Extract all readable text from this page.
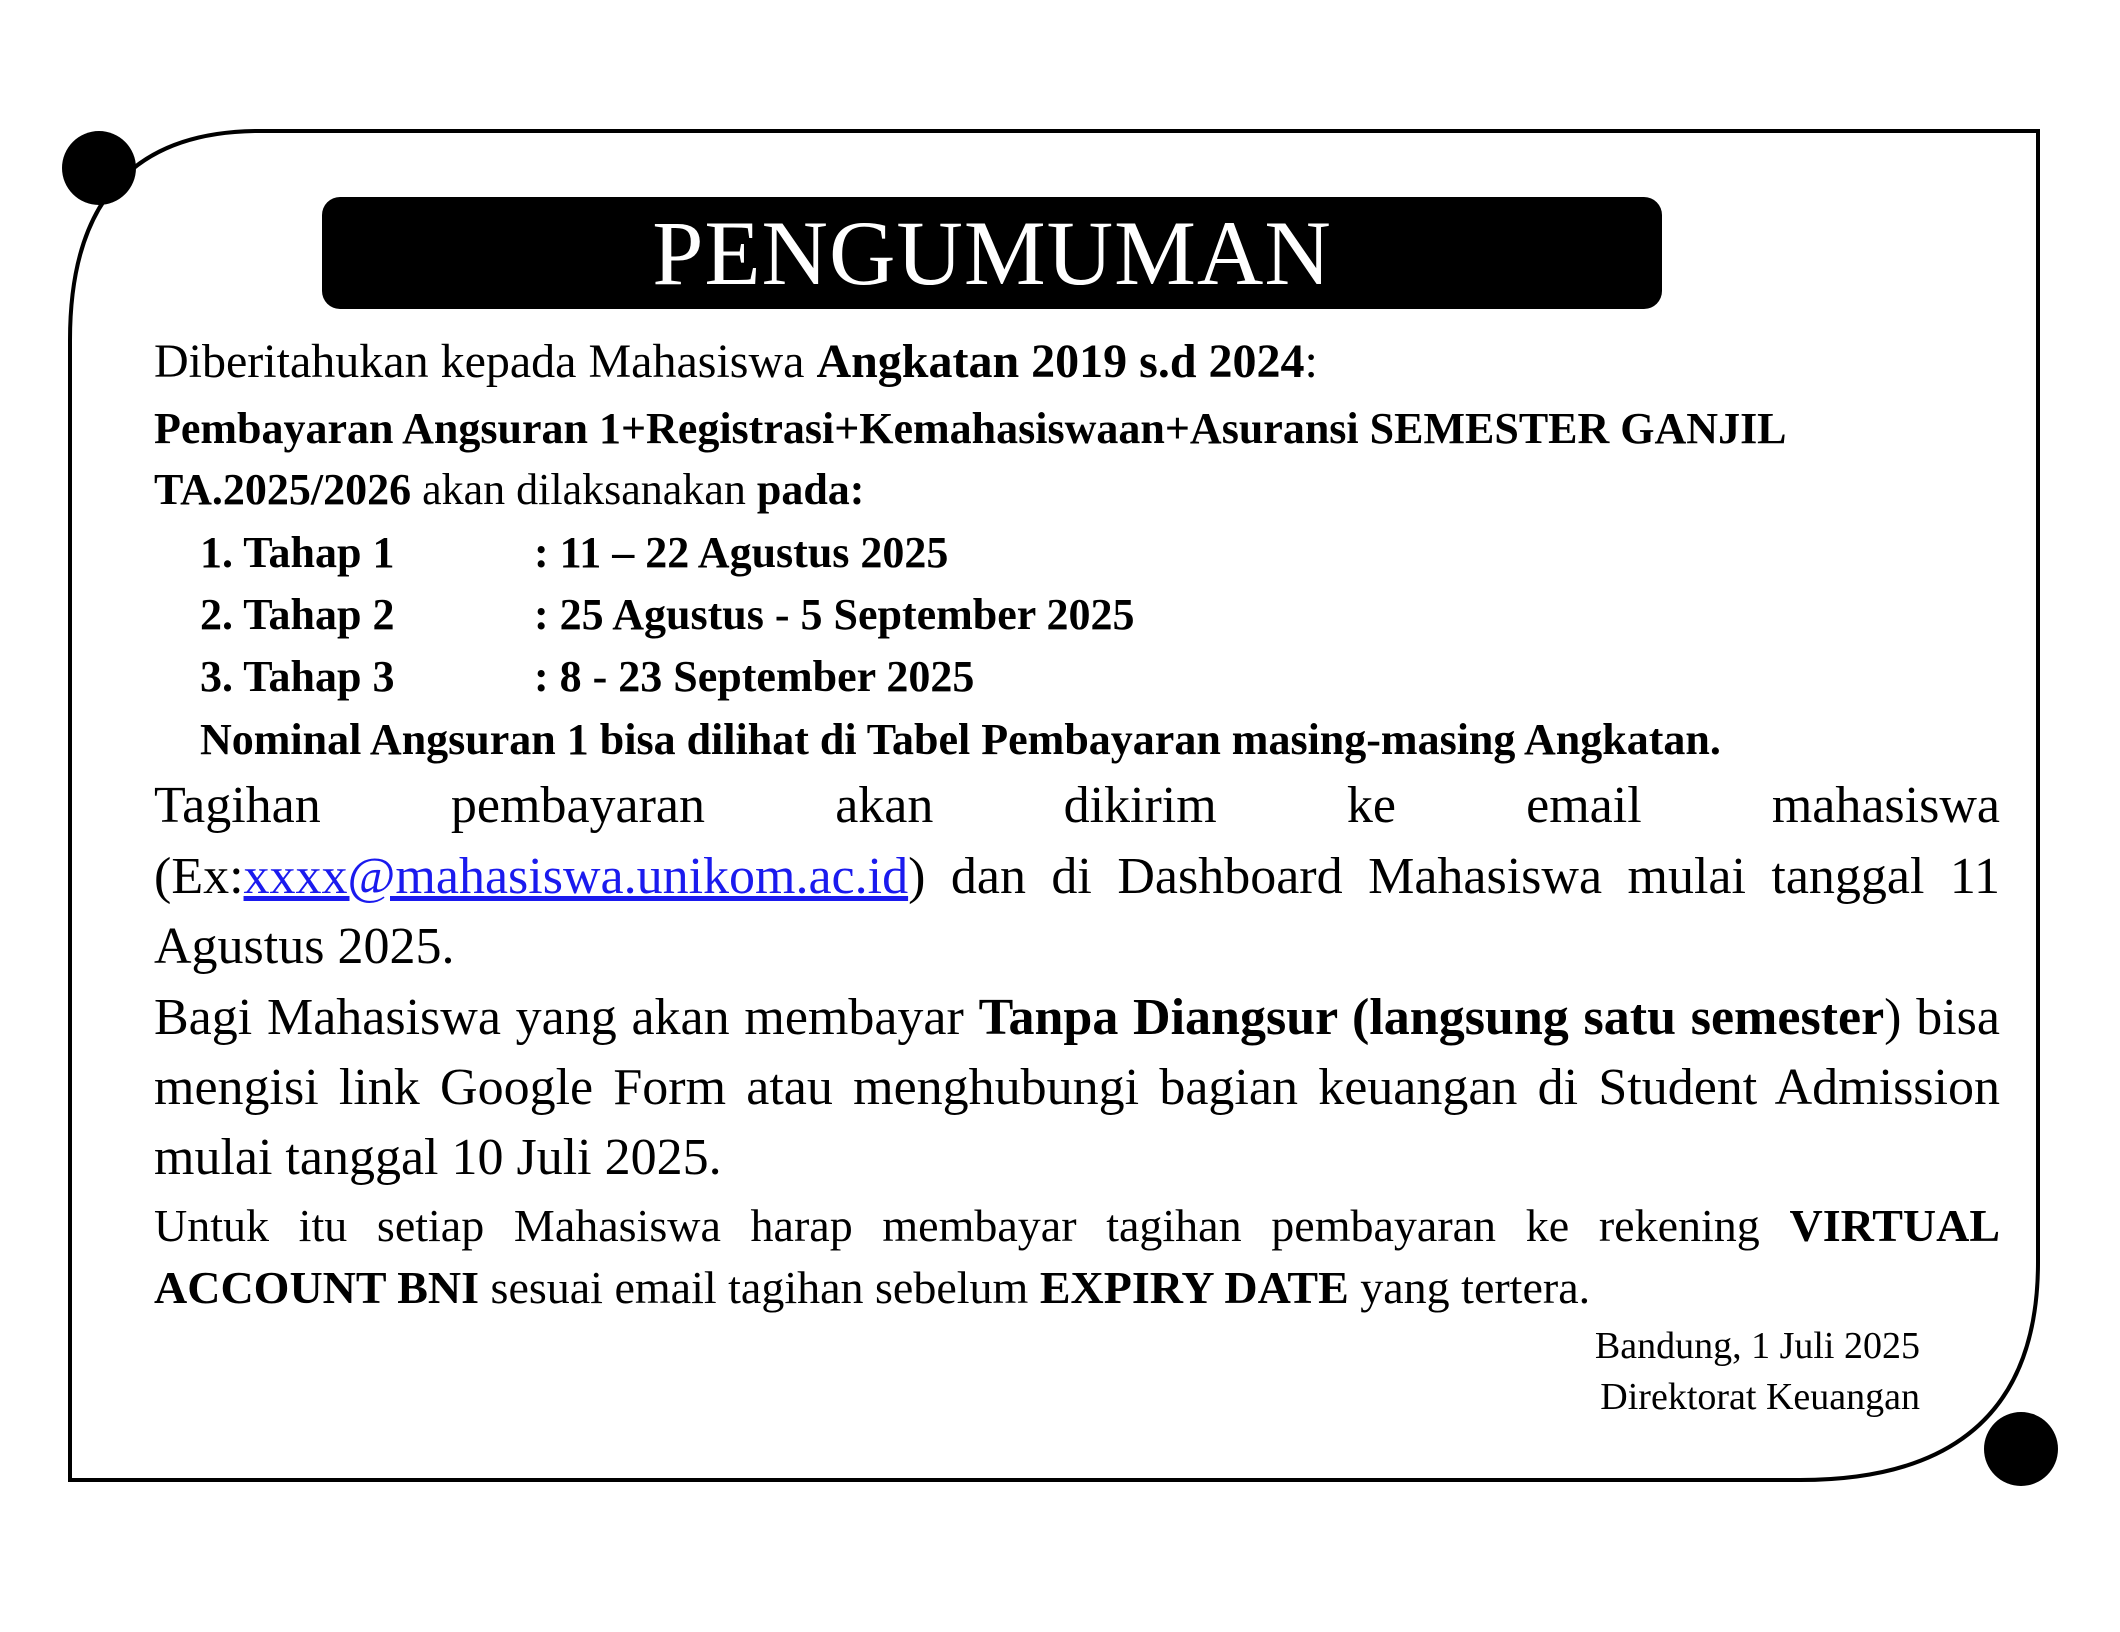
PENGUMUMAN
Diberitahukan kepada Mahasiswa Angkatan 2019 s.d 2024:
Pembayaran Angsuran 1+Registrasi+Kemahasiswaan+Asuransi SEMESTER GANJIL
TA.2025/2026 akan dilaksanakan pada:
1. Tahap 1	: 11 – 22 Agustus 2025
2. Tahap 2	: 25 Agustus - 5 September 2025
3. Tahap 3	: 8 - 23 September 2025
Nominal Angsuran 1 bisa dilihat di Tabel Pembayaran masing-masing Angkatan.
Tagihan pembayaran akan dikirim ke email mahasiswa
(Ex:xxxx@mahasiswa.unikom.ac.id) dan di Dashboard Mahasiswa mulai tanggal 11
Agustus 2025.
Bagi Mahasiswa yang akan membayar Tanpa Diangsur (langsung satu semester) bisa
mengisi link Google Form atau menghubungi bagian keuangan di Student Admission
mulai tanggal 10 Juli 2025.
Untuk itu setiap Mahasiswa harap membayar tagihan pembayaran ke rekening VIRTUAL
ACCOUNT BNI sesuai email tagihan sebelum EXPIRY DATE yang tertera.
Bandung, 1 Juli 2025
Direktorat Keuangan
